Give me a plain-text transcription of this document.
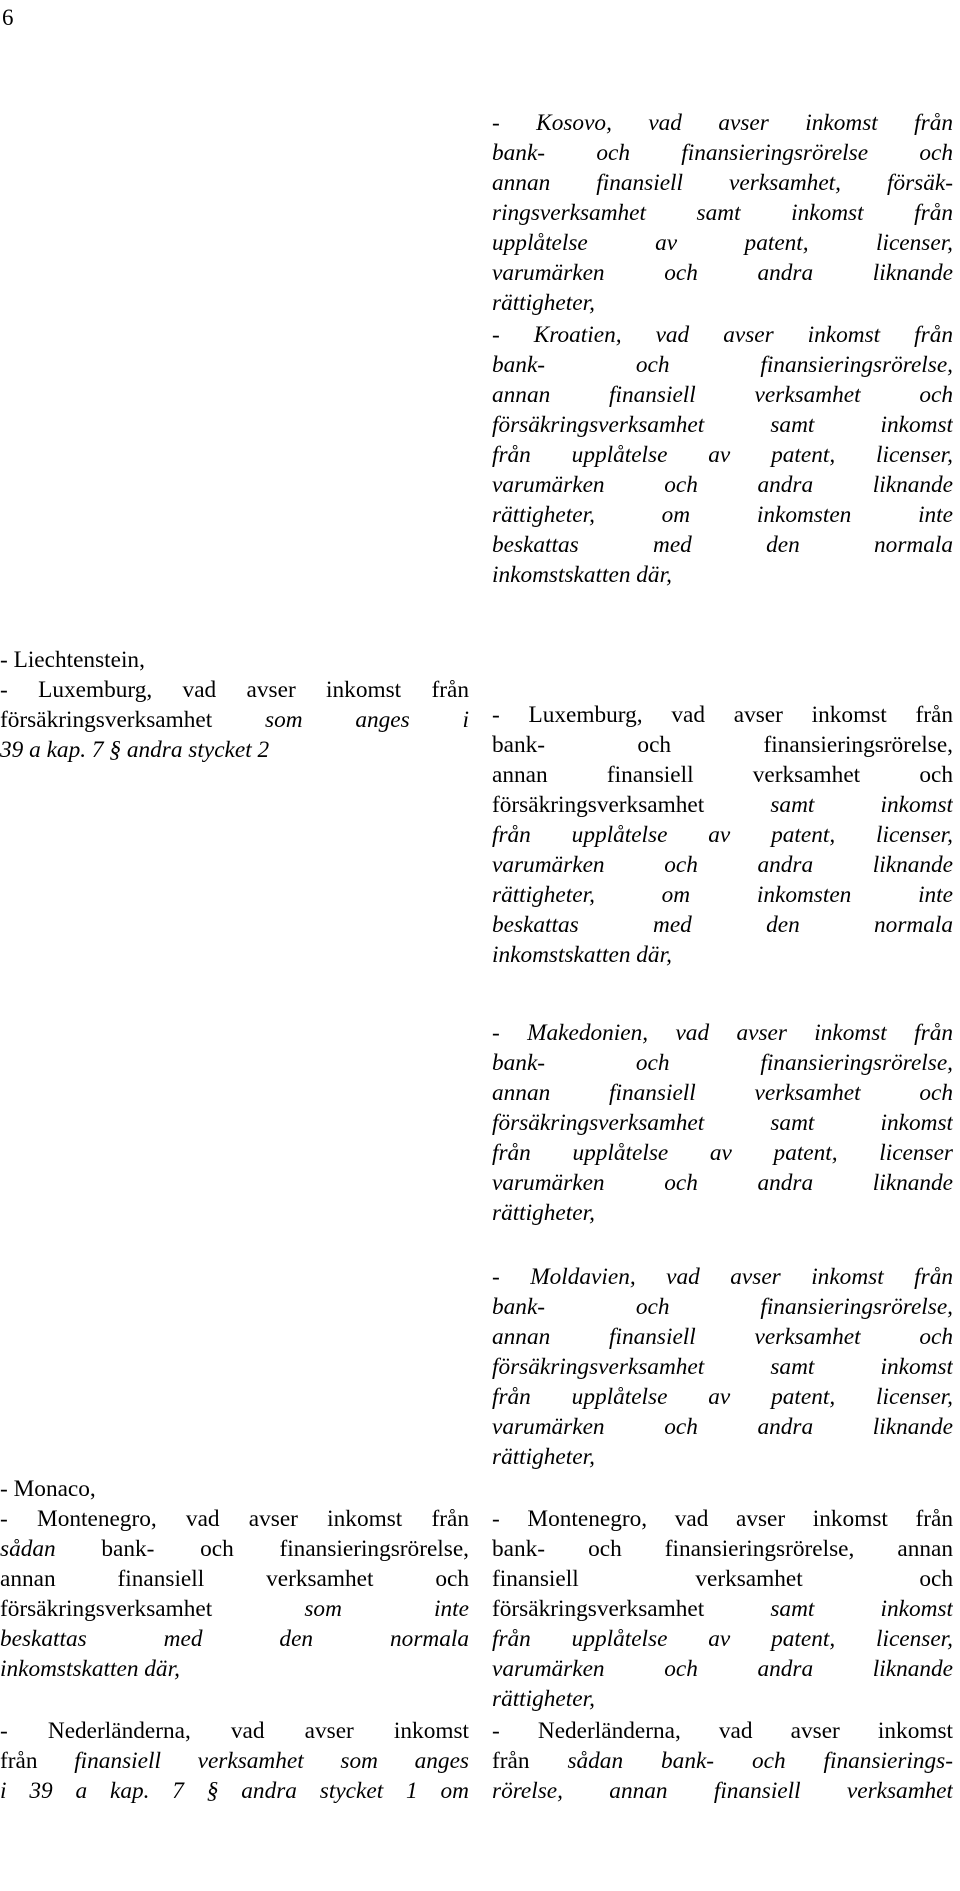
6

- Liechtenstein,

- Luxemburg, vad avser inkomst från
försäkringsverksamhet som anges i
39 a kap. 7 § andra stycket 2

- Monaco,

- Montenegro, vad avser inkomst från
sådan bank- och finansieringsrörelse,
annan finansiell verksamhet och
försäkringsverksamhet som inte
beskattas med den normala
inkomstskatten där,

- Nederländerna, vad avser inkomst
från finansiell verksamhet som anges
i 39 a kap. 7 § andra stycket 1 om

- Kosovo, vad avser inkomst från
bank- och finansieringsrörelse och
annan finansiell verksamhet, försäk-
ringsverksamhet samt inkomst från
upplåtelse av patent, licenser,
varumärken och andra liknande
rättigheter,

- Kroatien, vad avser inkomst från
bank- och finansieringsrörelse,
annan finansiell verksamhet och
försäkringsverksamhet samt inkomst
från upplåtelse av patent, licenser,
varumärken och andra liknande
rättigheter, om inkomsten inte
beskattas med den normala
inkomstskatten där,

- Luxemburg, vad avser inkomst från
bank- och finansieringsrörelse,
annan finansiell verksamhet och
försäkringsverksamhet samt inkomst
från upplåtelse av patent, licenser,
varumärken och andra liknande
rättigheter, om inkomsten inte
beskattas med den normala
inkomstskatten där,

- Makedonien, vad avser inkomst från
bank- och finansieringsrörelse,
annan finansiell verksamhet och
försäkringsverksamhet samt inkomst
från upplåtelse av patent, licenser
varumärken och andra liknande
rättigheter,

- Moldavien, vad avser inkomst från
bank- och finansieringsrörelse,
annan finansiell verksamhet och
försäkringsverksamhet samt inkomst
från upplåtelse av patent, licenser,
varumärken och andra liknande
rättigheter,

- Montenegro, vad avser inkomst från
bank- och finansieringsrörelse, annan
finansiell verksamhet och
försäkringsverksamhet samt inkomst
från upplåtelse av patent, licenser,
varumärken och andra liknande
rättigheter,

- Nederländerna, vad avser inkomst
från sådan bank- och finansierings-
rörelse, annan finansiell verksamhet
